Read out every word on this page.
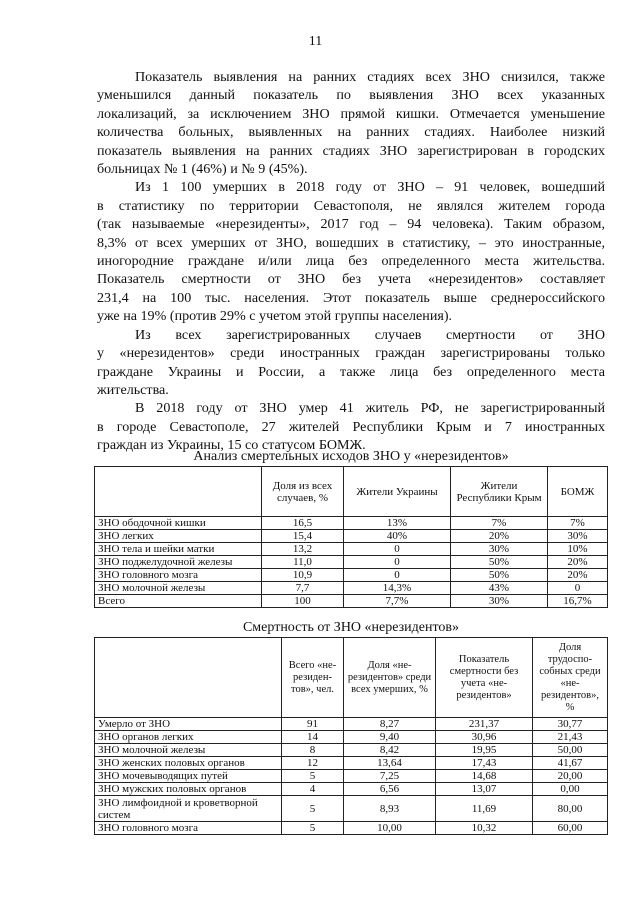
11
Показатель выявления на ранних стадиях всех ЗНО снизился, также
уменьшился данный показатель по выявления ЗНО всех указанных
локализаций, за исключением ЗНО прямой кишки. Отмечается уменьшение
количества больных, выявленных на ранних стадиях. Наиболее низкий
показатель выявления на ранних стадиях ЗНО зарегистрирован в городских
больницах № 1 (46%) и № 9 (45%).
Из 1 100 умерших в 2018 году от ЗНО – 91 человек, вошедший
в статистику по территории Севастополя, не являлся жителем города
(так называемые «нерезиденты», 2017 год – 94 человека). Таким образом,
8,3% от всех умерших от ЗНО, вошедших в статистику, – это иностранные,
иногородние граждане и/или лица без определенного места жительства.
Показатель смертности от ЗНО без учета «нерезидентов» составляет
231,4 на 100 тыс. населения. Этот показатель выше среднероссийского
уже на 19% (против 29% с учетом этой группы населения).
Из всех зарегистрированных случаев смертности от ЗНО
у «нерезидентов» среди иностранных граждан зарегистрированы только
граждане Украины и России, а также лица без определенного места
жительства.
В 2018 году от ЗНО умер 41 житель РФ, не зарегистрированный
в городе Севастополе, 27 жителей Республики Крым и 7 иностранных
граждан из Украины, 15 со статусом БОМЖ.
Анализ смертельных исходов ЗНО у «нерезидентов»
	Доля из всех случаев, %	Жители Украины	Жители Республики Крым	БОМЖ
ЗНО ободочной кишки	16,5	13%	7%	7%
ЗНО легких	15,4	40%	20%	30%
ЗНО тела и шейки матки	13,2	0	30%	10%
ЗНО поджелудочной железы	11,0	0	50%	20%
ЗНО головного мозга	10,9	0	50%	20%
ЗНО молочной железы	7,7	14,3%	43%	0
Всего	100	7,7%	30%	16,7%
Смертность от ЗНО «нерезидентов»
	Всего «не-резиден-тов», чел.	Доля «не-резидентов» среди всех умерших, %	Показатель смертности без учета «не-резидентов»	Доля трудоспо-собных среди «не-резидентов», %
Умерло от ЗНО	91	8,27	231,37	30,77
ЗНО органов легких	14	9,40	30,96	21,43
ЗНО молочной железы	8	8,42	19,95	50,00
ЗНО женских половых органов	12	13,64	17,43	41,67
ЗНО мочевыводящих путей	5	7,25	14,68	20,00
ЗНО мужских половых органов	4	6,56	13,07	0,00
ЗНО лимфоидной и кроветворной систем	5	8,93	11,69	80,00
ЗНО головного мозга	5	10,00	10,32	60,00
